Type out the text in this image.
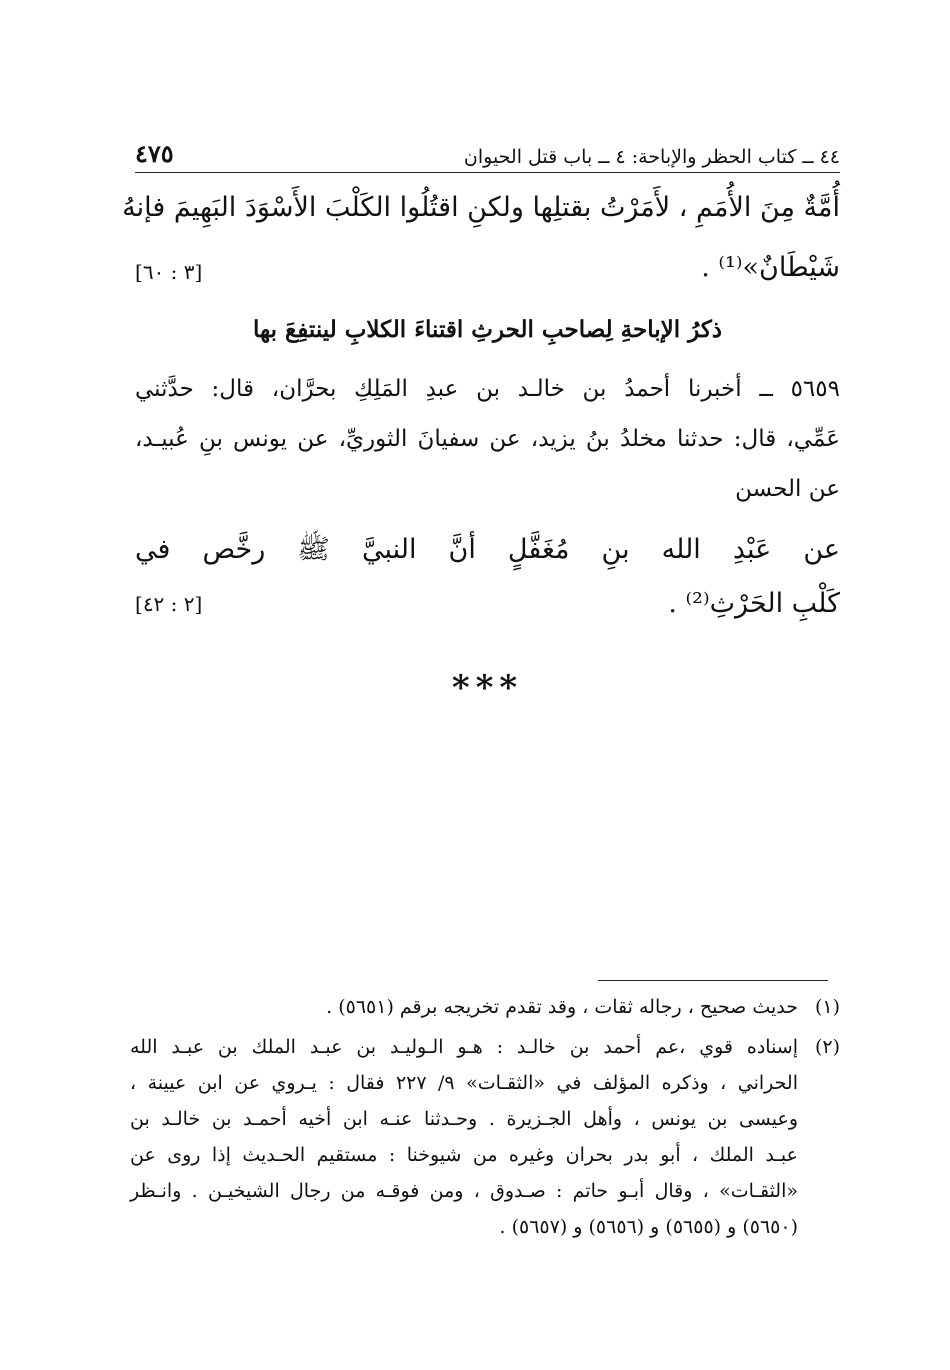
٤٤ ــ كتاب الحظر والإباحة: ٤ ــ باب قتل الحيوان
٤٧٥
أُمَّةٌ مِنَ الأُمَمِ ، لأَمَرْتُ بقتلِها ولكنِ اقتُلُوا الكَلْبَ الأَسْوَدَ البَهِيمَ فإنهُ
شَيْطَانٌ»⁽¹⁾ .
[٣ : ٦٠]
ذكرُ الإباحةِ لِصاحبِ الحرثِ اقتناءَ الكلابِ لينتفِعَ بها
٥٦٥٩ ــ أخبرنا أحمدُ بن خالـد بن عبدِ المَلِكِ بحرَّان، قال: حدَّثني
عَمِّي، قال: حدثنا مخلدُ بنُ يزيد، عن سفيانَ الثوريِّ، عن يونس بنِ عُبيـد،
عن الحسن
عن عَبْدِ الله بنِ مُغَفَّلٍ أنَّ النبيَّ ﷺ رخَّص في
كَلْبِ الحَرْثِ⁽²⁾ .
[٢ : ٤٢]
***
(١)حديث صحيح ، رجاله ثقات ، وقد تقدم تخريجه برقم (٥٦٥١) .
(٢)إسناده قوي ،عم أحمد بن خالـد : هـو الـوليـد بن عبـد الملك بن عبـد الله
الحراني ، وذكره المؤلف في «الثقـات» ٩/ ٢٢٧ فقال : يـروي عن ابن عيينة ،
وعيسى بن يونس ، وأهل الجـزيرة . وحـدثنا عنـه ابن أخيه أحمـد بن خالـد بن
عبـد الملك ، أبو بدر بحران وغيره من شيوخنا : مستقيم الحـديث إذا روى عن
«الثقـات» ، وقال أبـو حاتم : صـدوق ، ومن فوقـه من رجال الشيخيـن . وانـظر
(٥٦٥٠) و (٥٦٥٥) و (٥٦٥٦) و (٥٦٥٧) .
